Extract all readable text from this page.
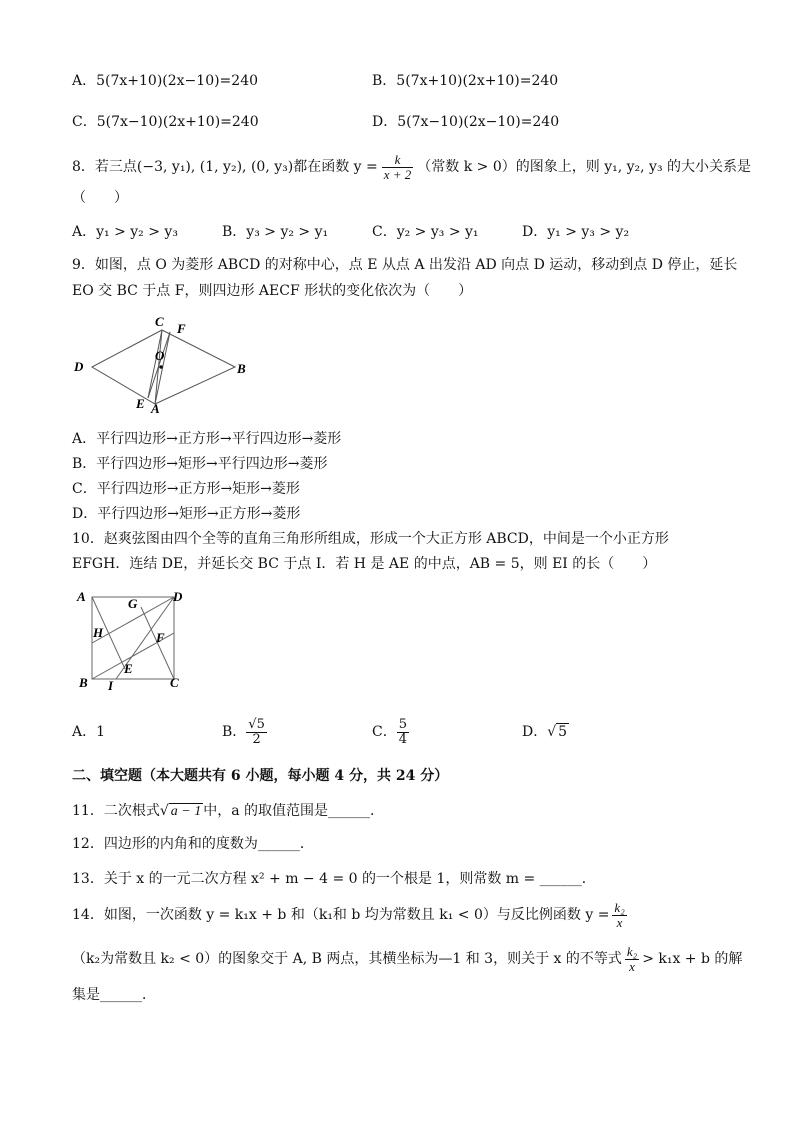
A．5(7x+10)(2x−10)=240	B．5(7x+10)(2x+10)=240
C．5(7x−10)(2x+10)=240	D．5(7x−10)(2x−10)=240
8．若三点(−3, y₁), (1, y₂), (0, y₃)都在函数 $y = \frac{k}{x + 2}$ （常数 k > 0）的图象上，则 y₁, y₂, y₃ 的大小关系是
（　　）
A．y₁ > y₂ > y₃	B．y₃ > y₂ > y₁	C．y₂ > y₃ > y₁	D．y₁ > y₃ > y₂
9．如图，点 O 为菱形 ABCD 的对称中心，点 E 从点 A 出发沿 AD 向点 D 运动，移动到点 D 停止，延长
EO 交 BC 于点 F，则四边形 AECF 形状的变化依次为（　　）
C F
O
D	B
E A
A．平行四边形→正方形→平行四边形→菱形
B．平行四边形→矩形→平行四边形→菱形
C．平行四边形→正方形→矩形→菱形
D．平行四边形→矩形→正方形→菱形
10．赵爽弦图由四个全等的直角三角形所组成，形成一个大正方形 ABCD，中间是一个小正方形
EFGH．连结 DE，并延长交 BC 于点 I．若 H 是 AE 的中点，AB = 5，则 EI 的长（　　）
A	D
G
H	F
E
B I	C
A．1	B． $\frac{√5}{2}$	C． $\frac{5}{4}$	D．√ 5
二、填空题（本大题共有 6 小题，每小题 4 分，共 24 分）
11．二次根式√ a − 1 中，a 的取值范围是______．
12．四边形的内角和的度数为______．
13．关于 x 的一元二次方程 x² + m − 4 = 0 的一个根是 1，则常数 m = ______．
14．如图，一次函数 y = k₁x + b 和（k₁和 b 均为常数且 k₁ < 0）与反比例函数 $y = \frac{\text{k₂}}{x}$
（k₂为常数且 k₂ < 0）的图象交于 A, B 两点，其横坐标为—1 和 3，则关于 x 的不等式 $\frac{\text{k₂}}{x} > k_1x + b$ 的解
集是______．
